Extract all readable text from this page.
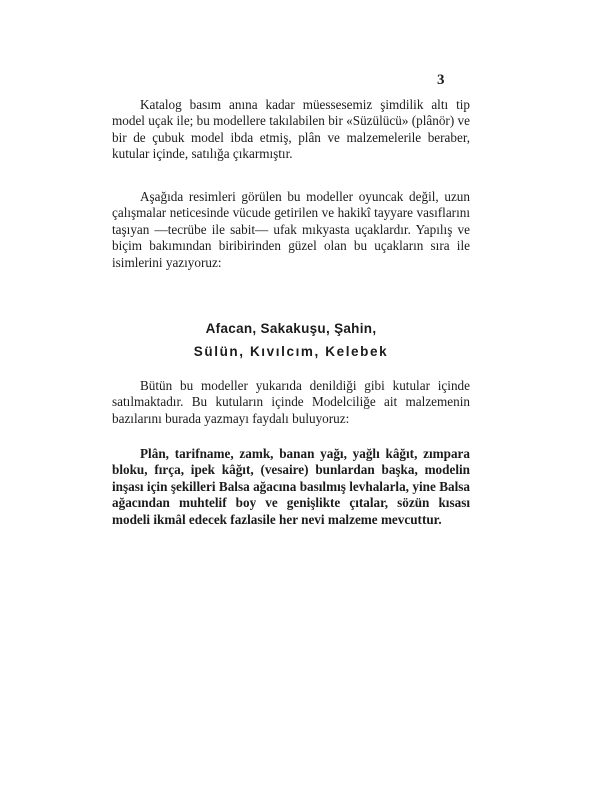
3

Katalog basım anına kadar müessesemiz şimdilik altı tip model uçak ile; bu modellere takılabilen bir «Süzülücü» (plânör) ve bir de çubuk model ibda etmiş, plân ve malzemelerile beraber, kutular içinde, satılığa çıkarmıştır.

Aşağıda resimleri görülen bu modeller oyuncak değil, uzun çalışmalar neticesinde vücude getirilen ve hakikî tayyare vasıflarını taşıyan —tecrübe ile sabit— ufak mıkyasta uçaklardır. Yapılış ve biçim bakımından biribirinden güzel olan bu uçakların sıra ile isimlerini yazıyoruz:

Afacan, Sakakuşu, Şahin,
Sülün, Kıvılcım, Kelebek

Bütün bu modeller yukarıda denildiği gibi kutular içinde satılmaktadır. Bu kutuların içinde Modelciliğe ait malzemenin bazılarını burada yazmayı faydalı buluyoruz:

Plân, tarifname, zamk, banan yağı, yağlı kâğıt, zımpara bloku, fırça, ipek kâğıt, (vesaire) bunlardan başka, modelin inşası için şekilleri Balsa ağacına basılmış levhalarla, yine Balsa ağacından muhtelif boy ve genişlikte çıtalar, sözün kısası modeli ikmâl edecek fazlasile her nevi malzeme mevcuttur.
